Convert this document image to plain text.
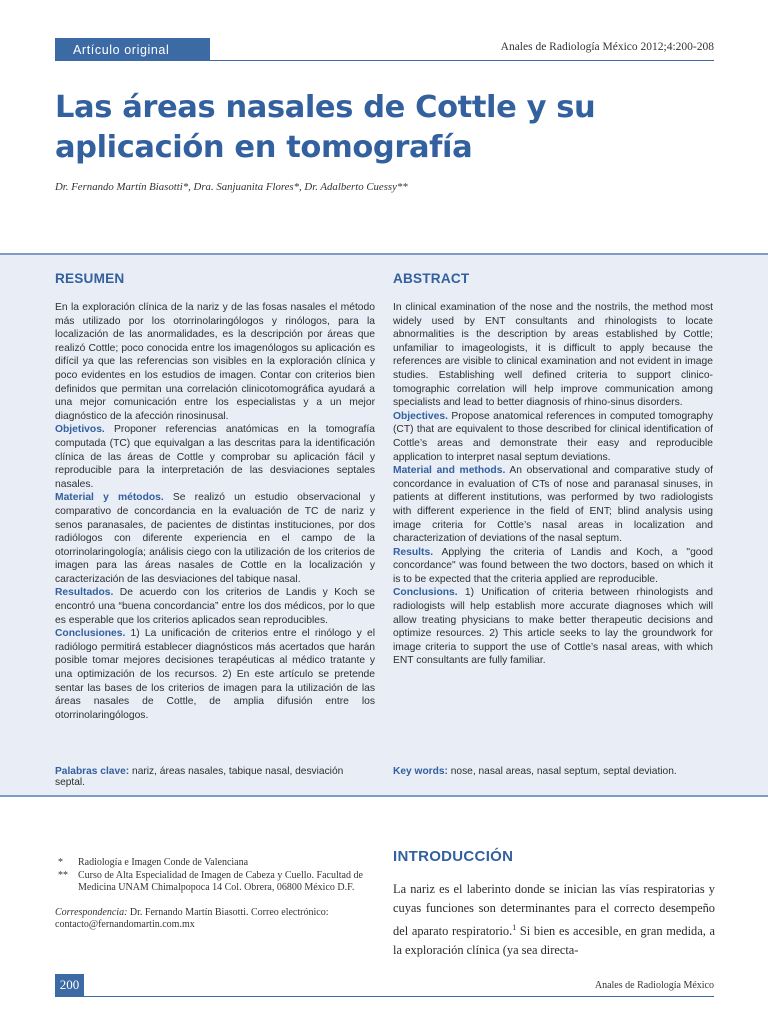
Artículo original	Anales de Radiología México 2012;4:200-208
Las áreas nasales de Cottle y su aplicación en tomografía
Dr. Fernando Martín Biasotti*, Dra. Sanjuanita Flores*, Dr. Adalberto Cuessy**
RESUMEN

En la exploración clínica de la nariz y de las fosas nasales el método más utilizado por los otorrinolaringólogos y rinólogos, para la localización de las anormalidades, es la descripción por áreas que realizó Cottle; poco conocida entre los imagenólogos su aplicación es difícil ya que las referencias son visibles en la exploración clínica y poco evidentes en los estudios de imagen. Contar con criterios bien definidos que permitan una correlación clinicotomográfica ayudará a una mejor comunicación entre los especialistas y a un mejor diagnóstico de la afección rinosinusal.

Objetivos. Proponer referencias anatómicas en la tomografía computada (TC) que equivalgan a las descritas para la identificación clínica de las áreas de Cottle y comprobar su aplicación fácil y reproducible para la interpretación de las desviaciones septales nasales.

Material y métodos. Se realizó un estudio observacional y comparativo de concordancia en la evaluación de TC de nariz y senos paranasales, de pacientes de distintas instituciones, por dos radiólogos con diferente experiencia en el campo de la otorrinolaringología; análisis ciego con la utilización de los criterios de imagen para las áreas nasales de Cottle en la localización y caracterización de las desviaciones del tabique nasal.

Resultados. De acuerdo con los criterios de Landis y Koch se encontró una “buena concordancia” entre los dos médicos, por lo que es esperable que los criterios aplicados sean reproducibles.

Conclusiones. 1) La unificación de criterios entre el rinólogo y el radiólogo permitirá establecer diagnósticos más acertados que harán posible tomar mejores decisiones terapéuticas al médico tratante y una optimización de los recursos. 2) En este artículo se pretende sentar las bases de los criterios de imagen para la utilización de las áreas nasales de Cottle, de amplia difusión entre los otorrinolaringólogos.

Palabras clave: nariz, áreas nasales, tabique nasal, desviación septal.
ABSTRACT

In clinical examination of the nose and the nostrils, the method most widely used by ENT consultants and rhinologists to locate abnormalities is the description by areas established by Cottle; unfamiliar to imageologists, it is difficult to apply because the references are visible to clinical examination and not evident in image studies. Establishing well defined criteria to support clinico-tomographic correlation will help improve communication among specialists and lead to better diagnosis of rhino-sinus disorders.

Objectives. Propose anatomical references in computed tomography (CT) that are equivalent to those described for clinical identification of Cottle’s areas and demonstrate their easy and reproducible application to interpret nasal septum deviations.

Material and methods. An observational and comparative study of concordance in evaluation of CTs of nose and paranasal sinuses, in patients at different institutions, was performed by two radiologists with different experience in the field of ENT; blind analysis using image criteria for Cottle’s nasal areas in localization and characterization of deviations of the nasal septum.

Results. Applying the criteria of Landis and Koch, a "good concordance" was found between the two doctors, based on which it is to be expected that the criteria applied are reproducible.

Conclusions. 1) Unification of criteria between rhinologists and radiologists will help establish more accurate diagnoses which will allow treating physicians to make better therapeutic decisions and optimize resources. 2) This article seeks to lay the groundwork for image criteria to support the use of Cottle’s nasal areas, with which ENT consultants are fully familiar.

Key words: nose, nasal areas, nasal septum, septal deviation.
*	Radiología e Imagen Conde de Valenciana
**	Curso de Alta Especialidad de Imagen de Cabeza y Cuello. Facultad de Medicina UNAM Chimalpopoca 14 Col. Obrera, 06800 México D.F.
Correspondencia: Dr. Fernando Martín Biasotti. Correo electrónico: contacto@fernandomartin.com.mx
INTRODUCCIÓN
La nariz es el laberinto donde se inician las vías respiratorias y cuyas funciones son determinantes para el correcto desempeño del aparato respiratorio.$^1$ Si bien es accesible, en gran medida, a la exploración clínica (ya sea directa-
200	Anales de Radiología México
